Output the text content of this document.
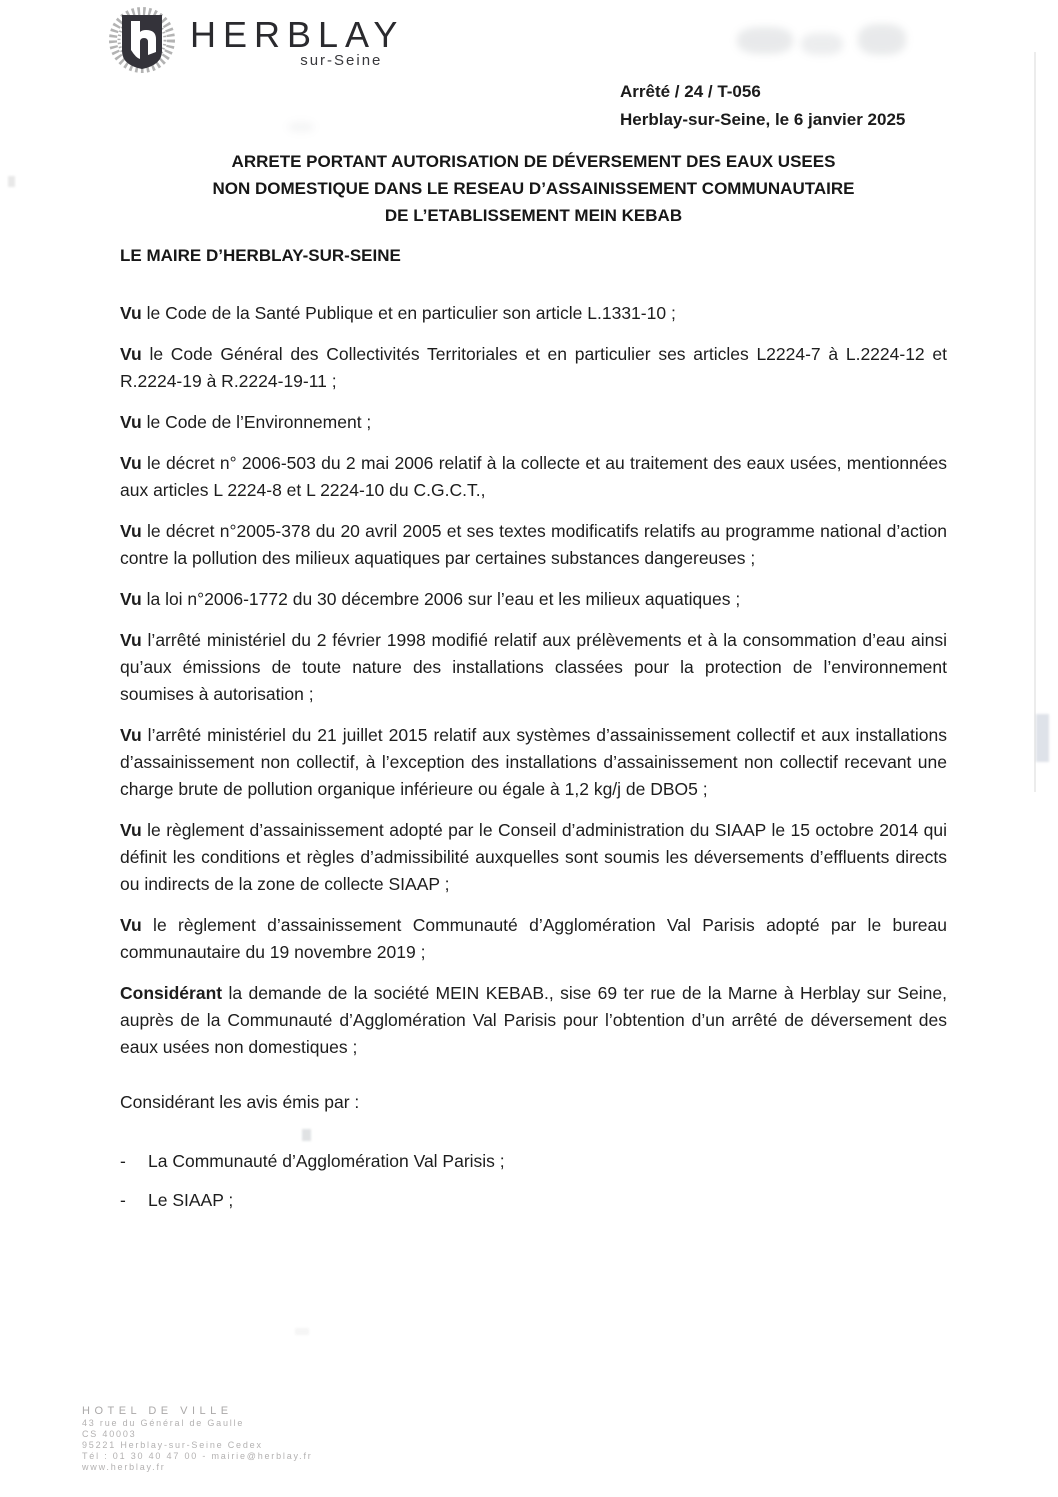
HERBLAY
sur-Seine
Arrêté / 24 / T-056
Herblay-sur-Seine, le 6 janvier 2025
ARRETE PORTANT AUTORISATION DE DÉVERSEMENT DES EAUX USEES
NON DOMESTIQUE DANS LE RESEAU D’ASSAINISSEMENT COMMUNAUTAIRE
DE L’ETABLISSEMENT MEIN KEBAB
LE MAIRE D’HERBLAY-SUR-SEINE

Vu le Code de la Santé Publique et en particulier son article L.1331-10 ;

Vu le Code Général des Collectivités Territoriales et en particulier ses articles L2224-7 à L.2224-12 et R.2224-19 à R.2224-19-11 ;

Vu le Code de l’Environnement ;

Vu le décret n° 2006-503 du 2 mai 2006 relatif à la collecte et au traitement des eaux usées, mentionnées aux articles L 2224-8 et L 2224-10 du C.G.C.T.,

Vu le décret n°2005-378 du 20 avril 2005 et ses textes modificatifs relatifs au programme national d’action contre la pollution des milieux aquatiques par certaines substances dangereuses ;

Vu la loi n°2006-1772 du 30 décembre 2006 sur l’eau et les milieux aquatiques ;

Vu l’arrêté ministériel du 2 février 1998 modifié relatif aux prélèvements et à la consommation d’eau ainsi qu’aux émissions de toute nature des installations classées pour la protection de l’environnement soumises à autorisation ;

Vu l’arrêté ministériel du 21 juillet 2015 relatif aux systèmes d’assainissement collectif et aux installations d’assainissement non collectif, à l’exception des installations d’assainissement non collectif recevant une charge brute de pollution organique inférieure ou égale à 1,2 kg/j de DBO5 ;

Vu le règlement d’assainissement adopté par le Conseil d’administration du SIAAP le 15 octobre 2014 qui définit les conditions et règles d’admissibilité auxquelles sont soumis les déversements d’effluents directs ou indirects de la zone de collecte SIAAP ;

Vu le règlement d’assainissement Communauté d’Agglomération Val Parisis adopté par le bureau communautaire du 19 novembre 2019 ;

Considérant la demande de la société MEIN KEBAB., sise 69 ter rue de la Marne à Herblay sur Seine, auprès de la Communauté d’Agglomération Val Parisis pour l’obtention d’un arrêté de déversement des eaux usées non domestiques ;

Considérant les avis émis par :

- La Communauté d’Agglomération Val Parisis ;
- Le SIAAP ;
HOTEL DE VILLE
43 rue du Général de Gaulle
CS 40003
95221 Herblay-sur-Seine Cedex
Tél : 01 30 40 47 00 - mairie@herblay.fr
www.herblay.fr
